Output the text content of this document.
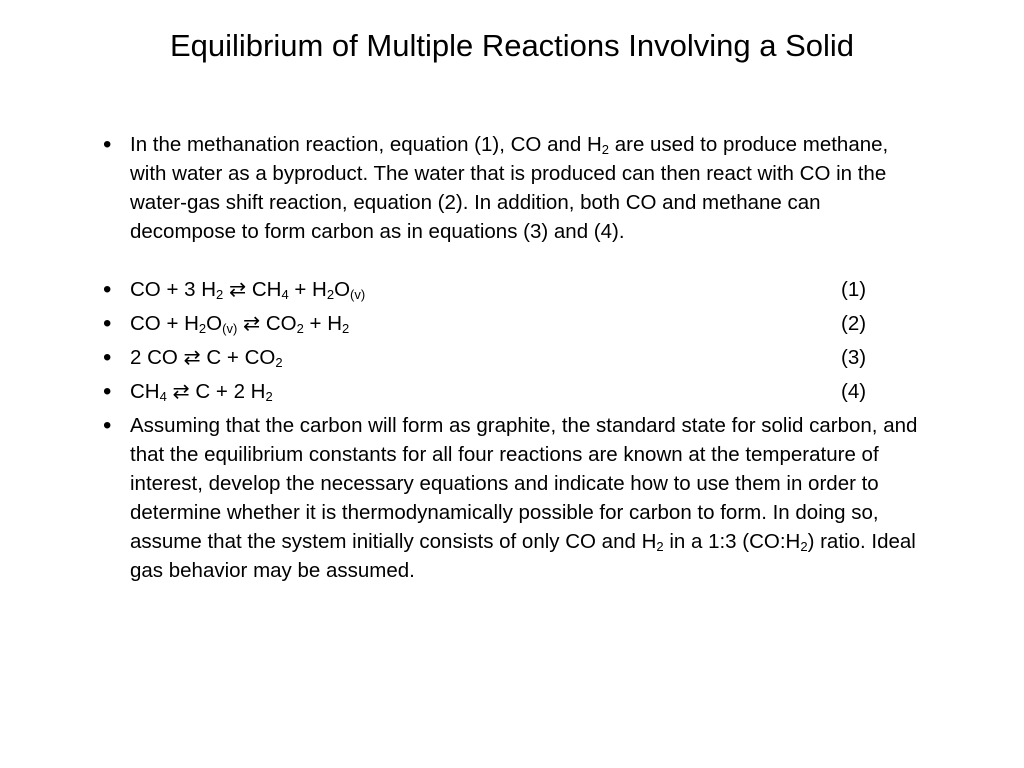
Equilibrium of Multiple Reactions Involving a Solid
• In the methanation reaction, equation (1), CO and $H_2$ are used to produce methane, with water as a byproduct. The water that is produced can then react with CO in the water-gas shift reaction, equation (2). In addition, both CO and methane can decompose to form carbon as in equations (3) and (4).
• CO + 3 $H_2$ ⇄ $CH_4 + H_2O_{(v)}$	(1)
• CO + $H_2O_{(v)}$ ⇄ $CO_2 + H_2$	(2)
• 2 CO ⇄ $C + CO_2$	(3)
• $CH_4$ ⇄ C + 2 $H_2$	(4)
• Assuming that the carbon will form as graphite, the standard state for solid carbon, and that the equilibrium constants for all four reactions are known at the temperature of interest, develop the necessary equations and indicate how to use them in order to determine whether it is thermodynamically possible for carbon to form. In doing so, assume that the system initially consists of only CO and $H_2$ in a 1:3 $(CO:H_2)$ ratio. Ideal gas behavior may be assumed.
